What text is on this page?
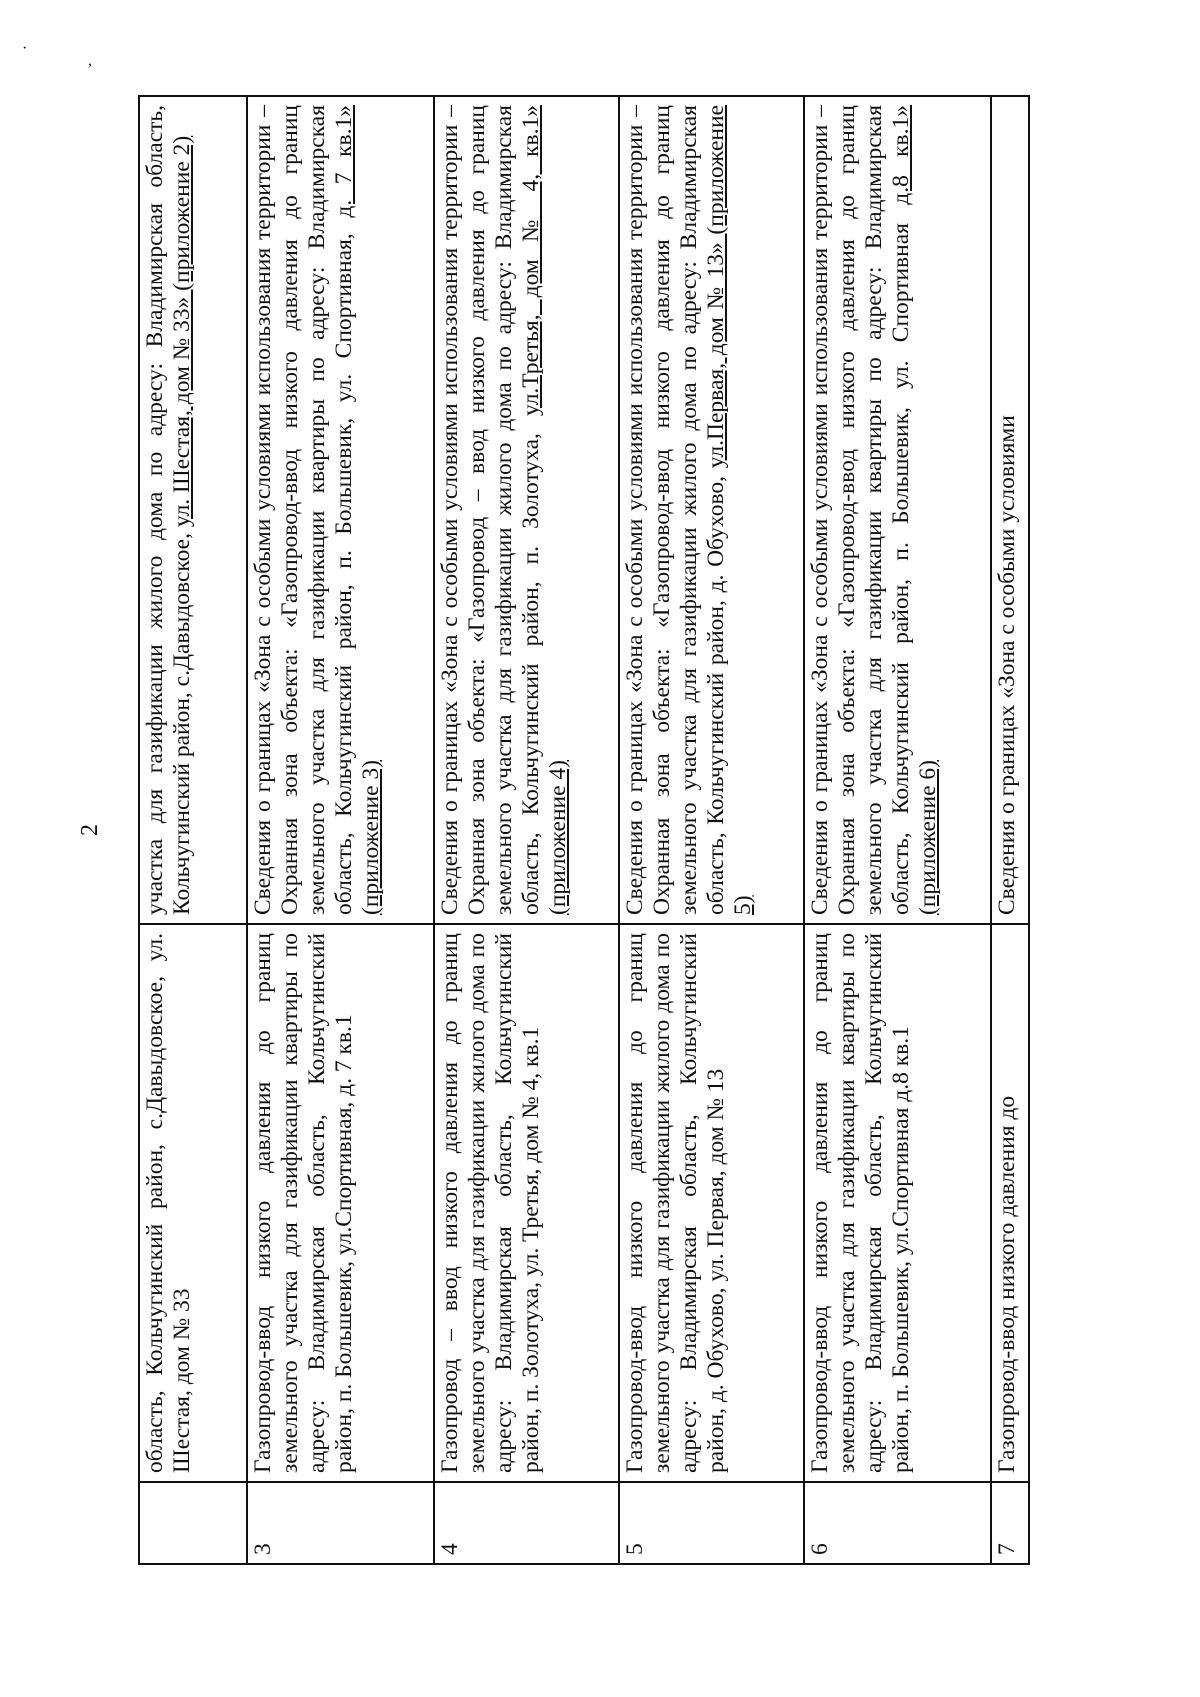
2
·
,
	область, Кольчугинский район, с.Давыдовское, ул. Шестая, дом № 33	участка для газификации жилого дома по адресу: Владимирская область, Кольчугинский район, с.Давыдовское, ул. Шестая, дом № 33» (приложение 2)
3	Газопровод-ввод низкого давления до границ земельного участка для газификации квартиры по адресу: Владимирская область, Кольчугинский район, п. Большевик, ул.Спортивная, д. 7 кв.1	Сведения о границах «Зона с особыми условиями использования территории – Охранная зона объекта: «Газопровод-ввод низкого давления до границ земельного участка для газификации квартиры по адресу: Владимирская область, Кольчугинский район, п. Большевик, ул. Спортивная, д. 7 кв.1» (приложение 3)
4	Газопровод – ввод низкого давления до границ земельного участка для газификации жилого дома по адресу: Владимирская область, Кольчугинский район, п. Золотуха, ул. Третья, дом № 4, кв.1	Сведения о границах «Зона с особыми условиями использования территории – Охранная зона объекта: «Газопровод – ввод низкого давления до границ земельного участка для газификации жилого дома по адресу: Владимирская область, Кольчугинский район, п. Золотуха, ул.Третья, дом № 4, кв.1» (приложение 4)
5	Газопровод-ввод низкого давления до границ земельного участка для газификации жилого дома по адресу: Владимирская область, Кольчугинский район, д. Обухово, ул. Первая, дом № 13	Сведения о границах «Зона с особыми условиями использования территории – Охранная зона объекта: «Газопровод-ввод низкого давления до границ земельного участка для газификации жилого дома по адресу: Владимирская область, Кольчугинский район, д. Обухово, ул.Первая, дом № 13» (приложение 5)
6	Газопровод-ввод низкого давления до границ земельного участка для газификации квартиры по адресу: Владимирская область, Кольчугинский район, п. Большевик, ул.Спортивная д.8 кв.1	Сведения о границах «Зона с особыми условиями использования территории – Охранная зона объекта: «Газопровод-ввод низкого давления до границ земельного участка для газификации квартиры по адресу: Владимирская область, Кольчугинский район, п. Большевик, ул. Спортивная д.8 кв.1» (приложение 6)
7	Газопровод-ввод низкого давления до	Сведения о границах «Зона с особыми условиями
